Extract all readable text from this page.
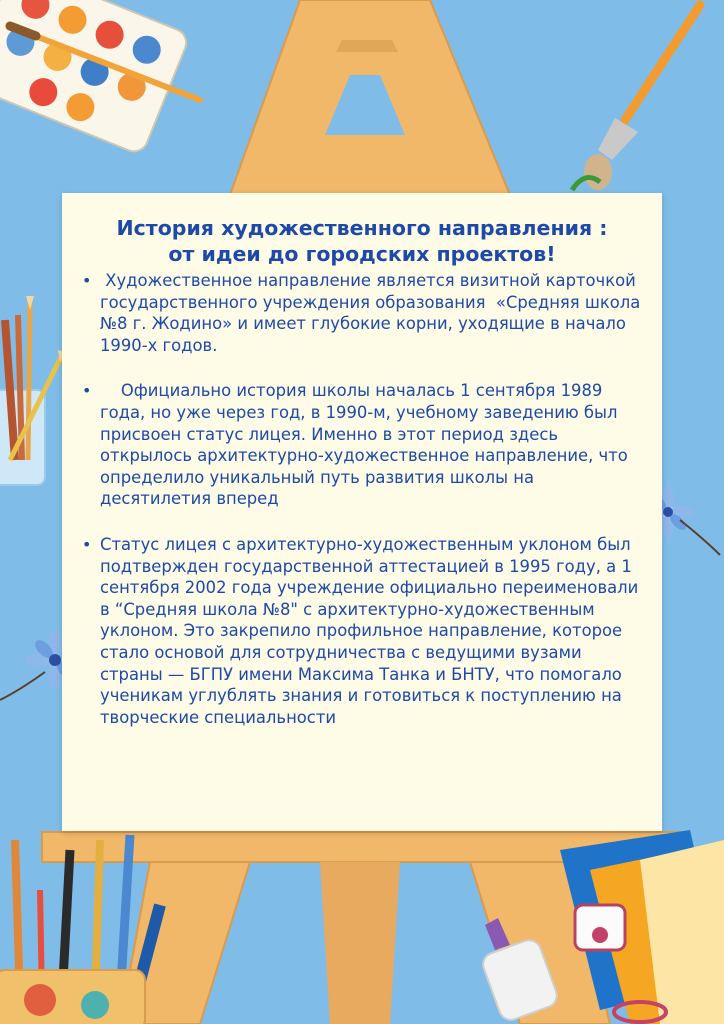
История художественного направления :
от идеи до городских проектов!
• Художественное направление является визитной карточкой государственного учреждения образования  «Средняя школа №8 г. Жодино» и имеет глубокие корни, уходящие в начало 1990-х годов.
• Официально история школы началась 1 сентября 1989 года, но уже через год, в 1990-м, учебному заведению был присвоен статус лицея. Именно в этот период здесь открылось архитектурно-художественное направление, что определило уникальный путь развития школы на десятилетия вперед
• Статус лицея с архитектурно-художественным уклоном был подтвержден государственной аттестацией в 1995 году, а 1 сентября 2002 года учреждение официально переименовали в “Средняя школа №8" с архитектурно-художественным уклоном. Это закрепило профильное направление, которое стало основой для сотрудничества с ведущими вузами страны — БГПУ имени Максима Танка и БНТУ, что помогало ученикам углублять знания и готовиться к поступлению на творческие специальности
